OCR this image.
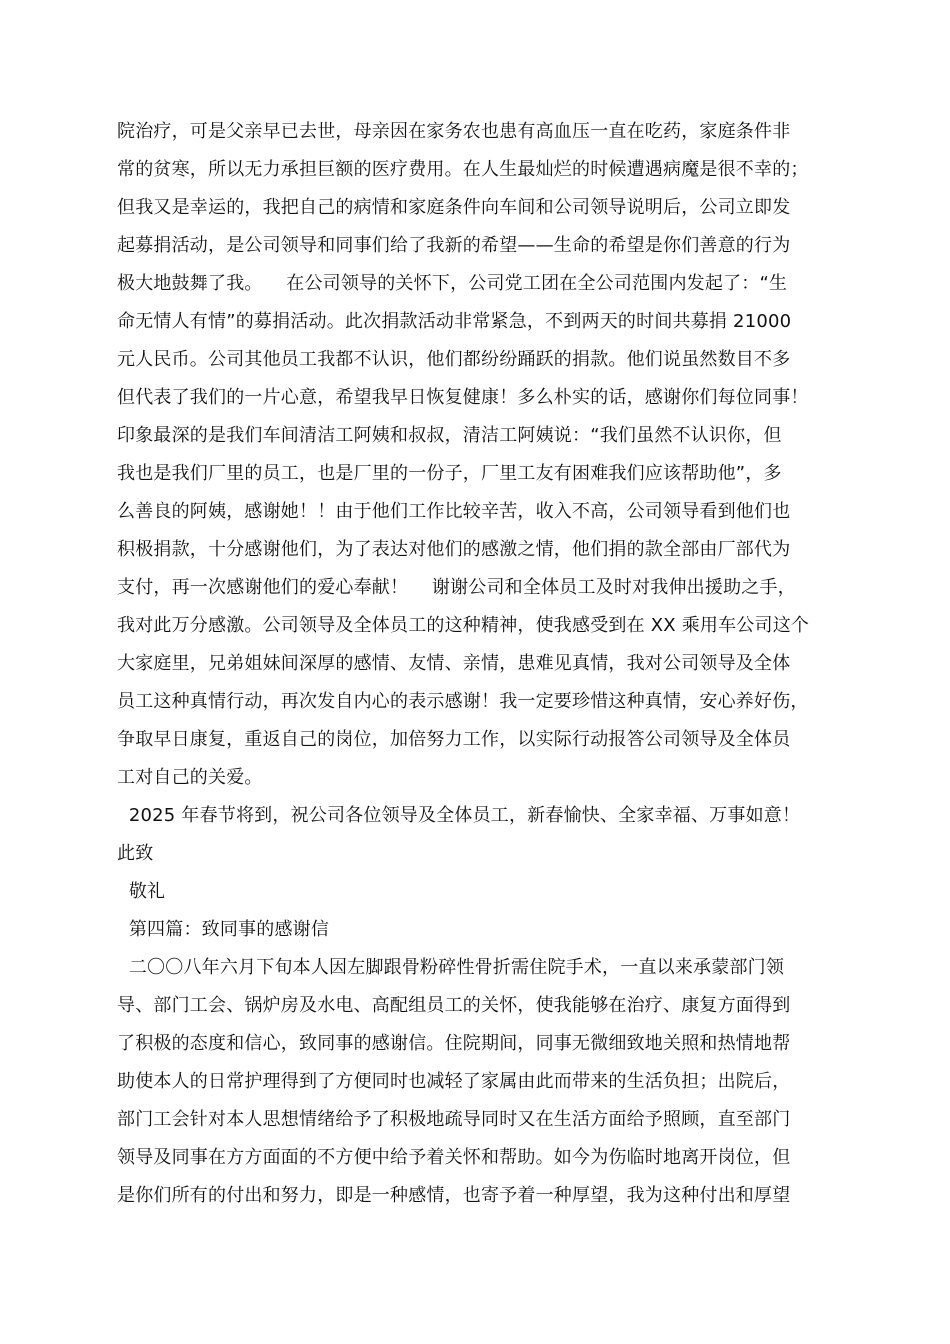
院治疗，可是父亲早已去世，母亲因在家务农也患有高血压一直在吃药，家庭条件非
常的贫寒，所以无力承担巨额的医疗费用。在人生最灿烂的时候遭遇病魔是很不幸的；
但我又是幸运的，我把自己的病情和家庭条件向车间和公司领导说明后，公司立即发
起募捐活动，是公司领导和同事们给了我新的希望——生命的希望是你们善意的行为
极大地鼓舞了我。    在公司领导的关怀下，公司党工团在全公司范围内发起了：“生
命无情人有情”的募捐活动。此次捐款活动非常紧急，不到两天的时间共募捐 21000
元人民币。公司其他员工我都不认识，他们都纷纷踊跃的捐款。他们说虽然数目不多
但代表了我们的一片心意，希望我早日恢复健康！多么朴实的话，感谢你们每位同事！
印象最深的是我们车间清洁工阿姨和叔叔，清洁工阿姨说：“我们虽然不认识你，但
我也是我们厂里的员工，也是厂里的一份子，厂里工友有困难我们应该帮助他”，多
么善良的阿姨，感谢她！！由于他们工作比较辛苦，收入不高，公司领导看到他们也
积极捐款，十分感谢他们，为了表达对他们的感激之情，他们捐的款全部由厂部代为
支付，再一次感谢他们的爱心奉献！    谢谢公司和全体员工及时对我伸出援助之手，
我对此万分感激。公司领导及全体员工的这种精神，使我感受到在 XX 乘用车公司这个
大家庭里，兄弟姐妹间深厚的感情、友情、亲情，患难见真情，我对公司领导及全体
员工这种真情行动，再次发自内心的表示感谢！我一定要珍惜这种真情，安心养好伤，
争取早日康复，重返自己的岗位，加倍努力工作，以实际行动报答公司领导及全体员
工对自己的关爱。
2025 年春节将到，祝公司各位领导及全体员工，新春愉快、全家幸福、万事如意！
此致
敬礼
第四篇：致同事的感谢信
二〇〇八年六月下旬本人因左脚跟骨粉碎性骨折需住院手术，一直以来承蒙部门领
导、部门工会、锅炉房及水电、高配组员工的关怀，使我能够在治疗、康复方面得到
了积极的态度和信心，致同事的感谢信。住院期间，同事无微细致地关照和热情地帮
助使本人的日常护理得到了方便同时也减轻了家属由此而带来的生活负担；出院后，
部门工会针对本人思想情绪给予了积极地疏导同时又在生活方面给予照顾，直至部门
领导及同事在方方面面的不方便中给予着关怀和帮助。如今为伤临时地离开岗位，但
是你们所有的付出和努力，即是一种感情，也寄予着一种厚望，我为这种付出和厚望
